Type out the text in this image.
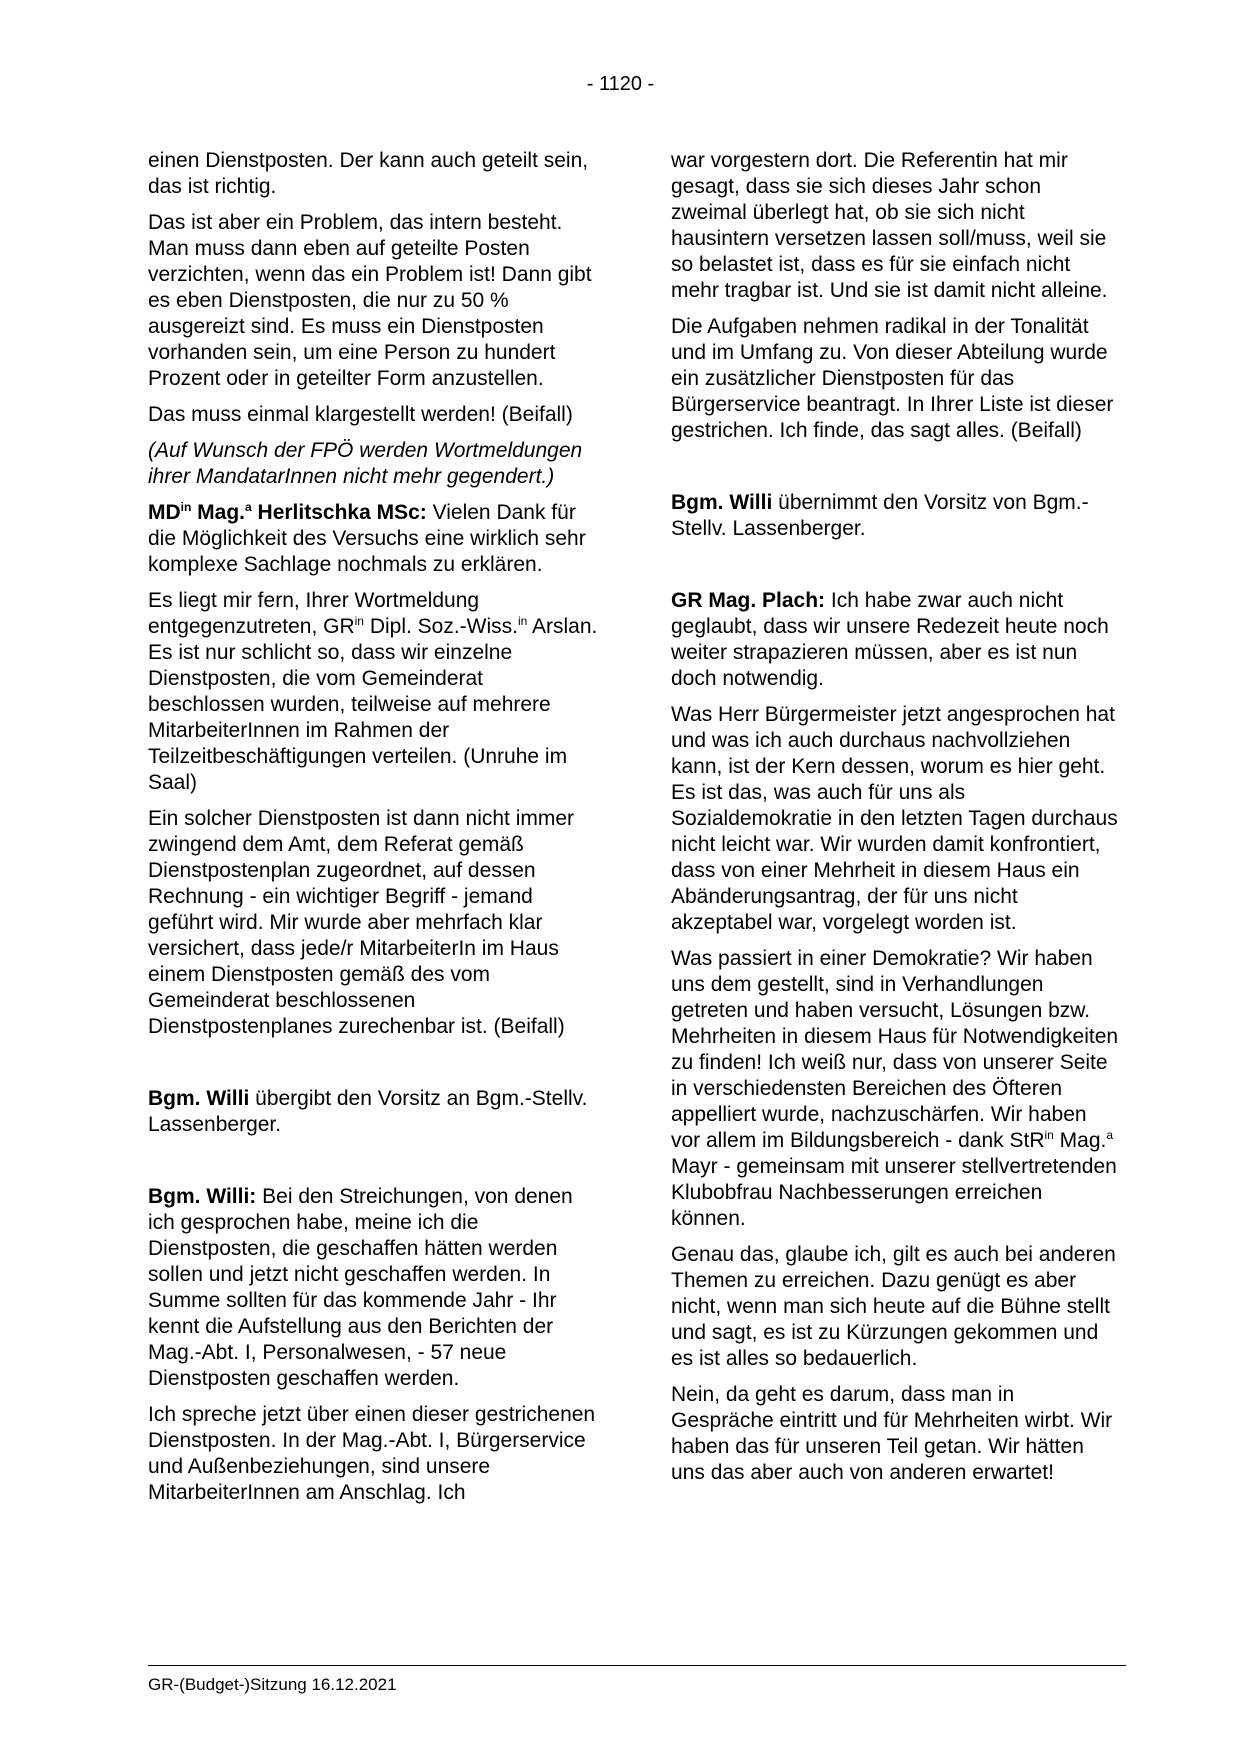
- 1120 -

einen Dienstposten. Der kann auch geteilt sein, das ist richtig.

Das ist aber ein Problem, das intern besteht. Man muss dann eben auf geteilte Posten verzichten, wenn das ein Problem ist! Dann gibt es eben Dienstposten, die nur zu 50 % ausgereizt sind. Es muss ein Dienstposten vorhanden sein, um eine Person zu hundert Prozent oder in geteilter Form anzustellen.

Das muss einmal klargestellt werden! (Beifall)

(Auf Wunsch der FPÖ werden Wortmeldungen ihrer MandatarInnen nicht mehr gegendert.)

$MD^{in}$ Mag.$^a$ Herlitschka MSc: Vielen Dank für die Möglichkeit des Versuchs eine wirklich sehr komplexe Sachlage nochmals zu erklären.

Es liegt mir fern, Ihrer Wortmeldung entgegenzutreten, $GR^{in}$ Dipl. Soz.-Wiss.$^{in}$ Arslan. Es ist nur schlicht so, dass wir einzelne Dienstposten, die vom Gemeinderat beschlossen wurden, teilweise auf mehrere MitarbeiterInnen im Rahmen der Teilzeitbeschäftigungen verteilen. (Unruhe im Saal)

Ein solcher Dienstposten ist dann nicht immer zwingend dem Amt, dem Referat gemäß Dienstpostenplan zugeordnet, auf dessen Rechnung - ein wichtiger Begriff - jemand geführt wird. Mir wurde aber mehrfach klar versichert, dass jede/r MitarbeiterIn im Haus einem Dienstposten gemäß des vom Gemeinderat beschlossenen Dienstpostenplanes zurechenbar ist. (Beifall)

Bgm. Willi übergibt den Vorsitz an Bgm.-Stellv. Lassenberger.

Bgm. Willi: Bei den Streichungen, von denen ich gesprochen habe, meine ich die Dienstposten, die geschaffen hätten werden sollen und jetzt nicht geschaffen werden. In Summe sollten für das kommende Jahr - Ihr kennt die Aufstellung aus den Berichten der Mag.-Abt. I, Personalwesen, - 57 neue Dienstposten geschaffen werden.

Ich spreche jetzt über einen dieser gestrichenen Dienstposten. In der Mag.-Abt. I, Bürgerservice und Außenbeziehungen, sind unsere MitarbeiterInnen am Anschlag. Ich

war vorgestern dort. Die Referentin hat mir gesagt, dass sie sich dieses Jahr schon zweimal überlegt hat, ob sie sich nicht hausintern versetzen lassen soll/muss, weil sie so belastet ist, dass es für sie einfach nicht mehr tragbar ist. Und sie ist damit nicht alleine.

Die Aufgaben nehmen radikal in der Tonalität und im Umfang zu. Von dieser Abteilung wurde ein zusätzlicher Dienstposten für das Bürgerservice beantragt. In Ihrer Liste ist dieser gestrichen. Ich finde, das sagt alles. (Beifall)

Bgm. Willi übernimmt den Vorsitz von Bgm.-Stellv. Lassenberger.

GR Mag. Plach: Ich habe zwar auch nicht geglaubt, dass wir unsere Redezeit heute noch weiter strapazieren müssen, aber es ist nun doch notwendig.

Was Herr Bürgermeister jetzt angesprochen hat und was ich auch durchaus nachvollziehen kann, ist der Kern dessen, worum es hier geht. Es ist das, was auch für uns als Sozialdemokratie in den letzten Tagen durchaus nicht leicht war. Wir wurden damit konfrontiert, dass von einer Mehrheit in diesem Haus ein Abänderungsantrag, der für uns nicht akzeptabel war, vorgelegt worden ist.

Was passiert in einer Demokratie? Wir haben uns dem gestellt, sind in Verhandlungen getreten und haben versucht, Lösungen bzw. Mehrheiten in diesem Haus für Notwendigkeiten zu finden! Ich weiß nur, dass von unserer Seite in verschiedensten Bereichen des Öfteren appelliert wurde, nachzuschärfen. Wir haben vor allem im Bildungsbereich - dank StR$^{in}$ Mag.$^a$ Mayr - gemeinsam mit unserer stellvertretenden Klubobfrau Nachbesserungen erreichen können.

Genau das, glaube ich, gilt es auch bei anderen Themen zu erreichen. Dazu genügt es aber nicht, wenn man sich heute auf die Bühne stellt und sagt, es ist zu Kürzungen gekommen und es ist alles so bedauerlich.

Nein, da geht es darum, dass man in Gespräche eintritt und für Mehrheiten wirbt. Wir haben das für unseren Teil getan. Wir hätten uns das aber auch von anderen erwartet!

GR-(Budget-)Sitzung 16.12.2021
